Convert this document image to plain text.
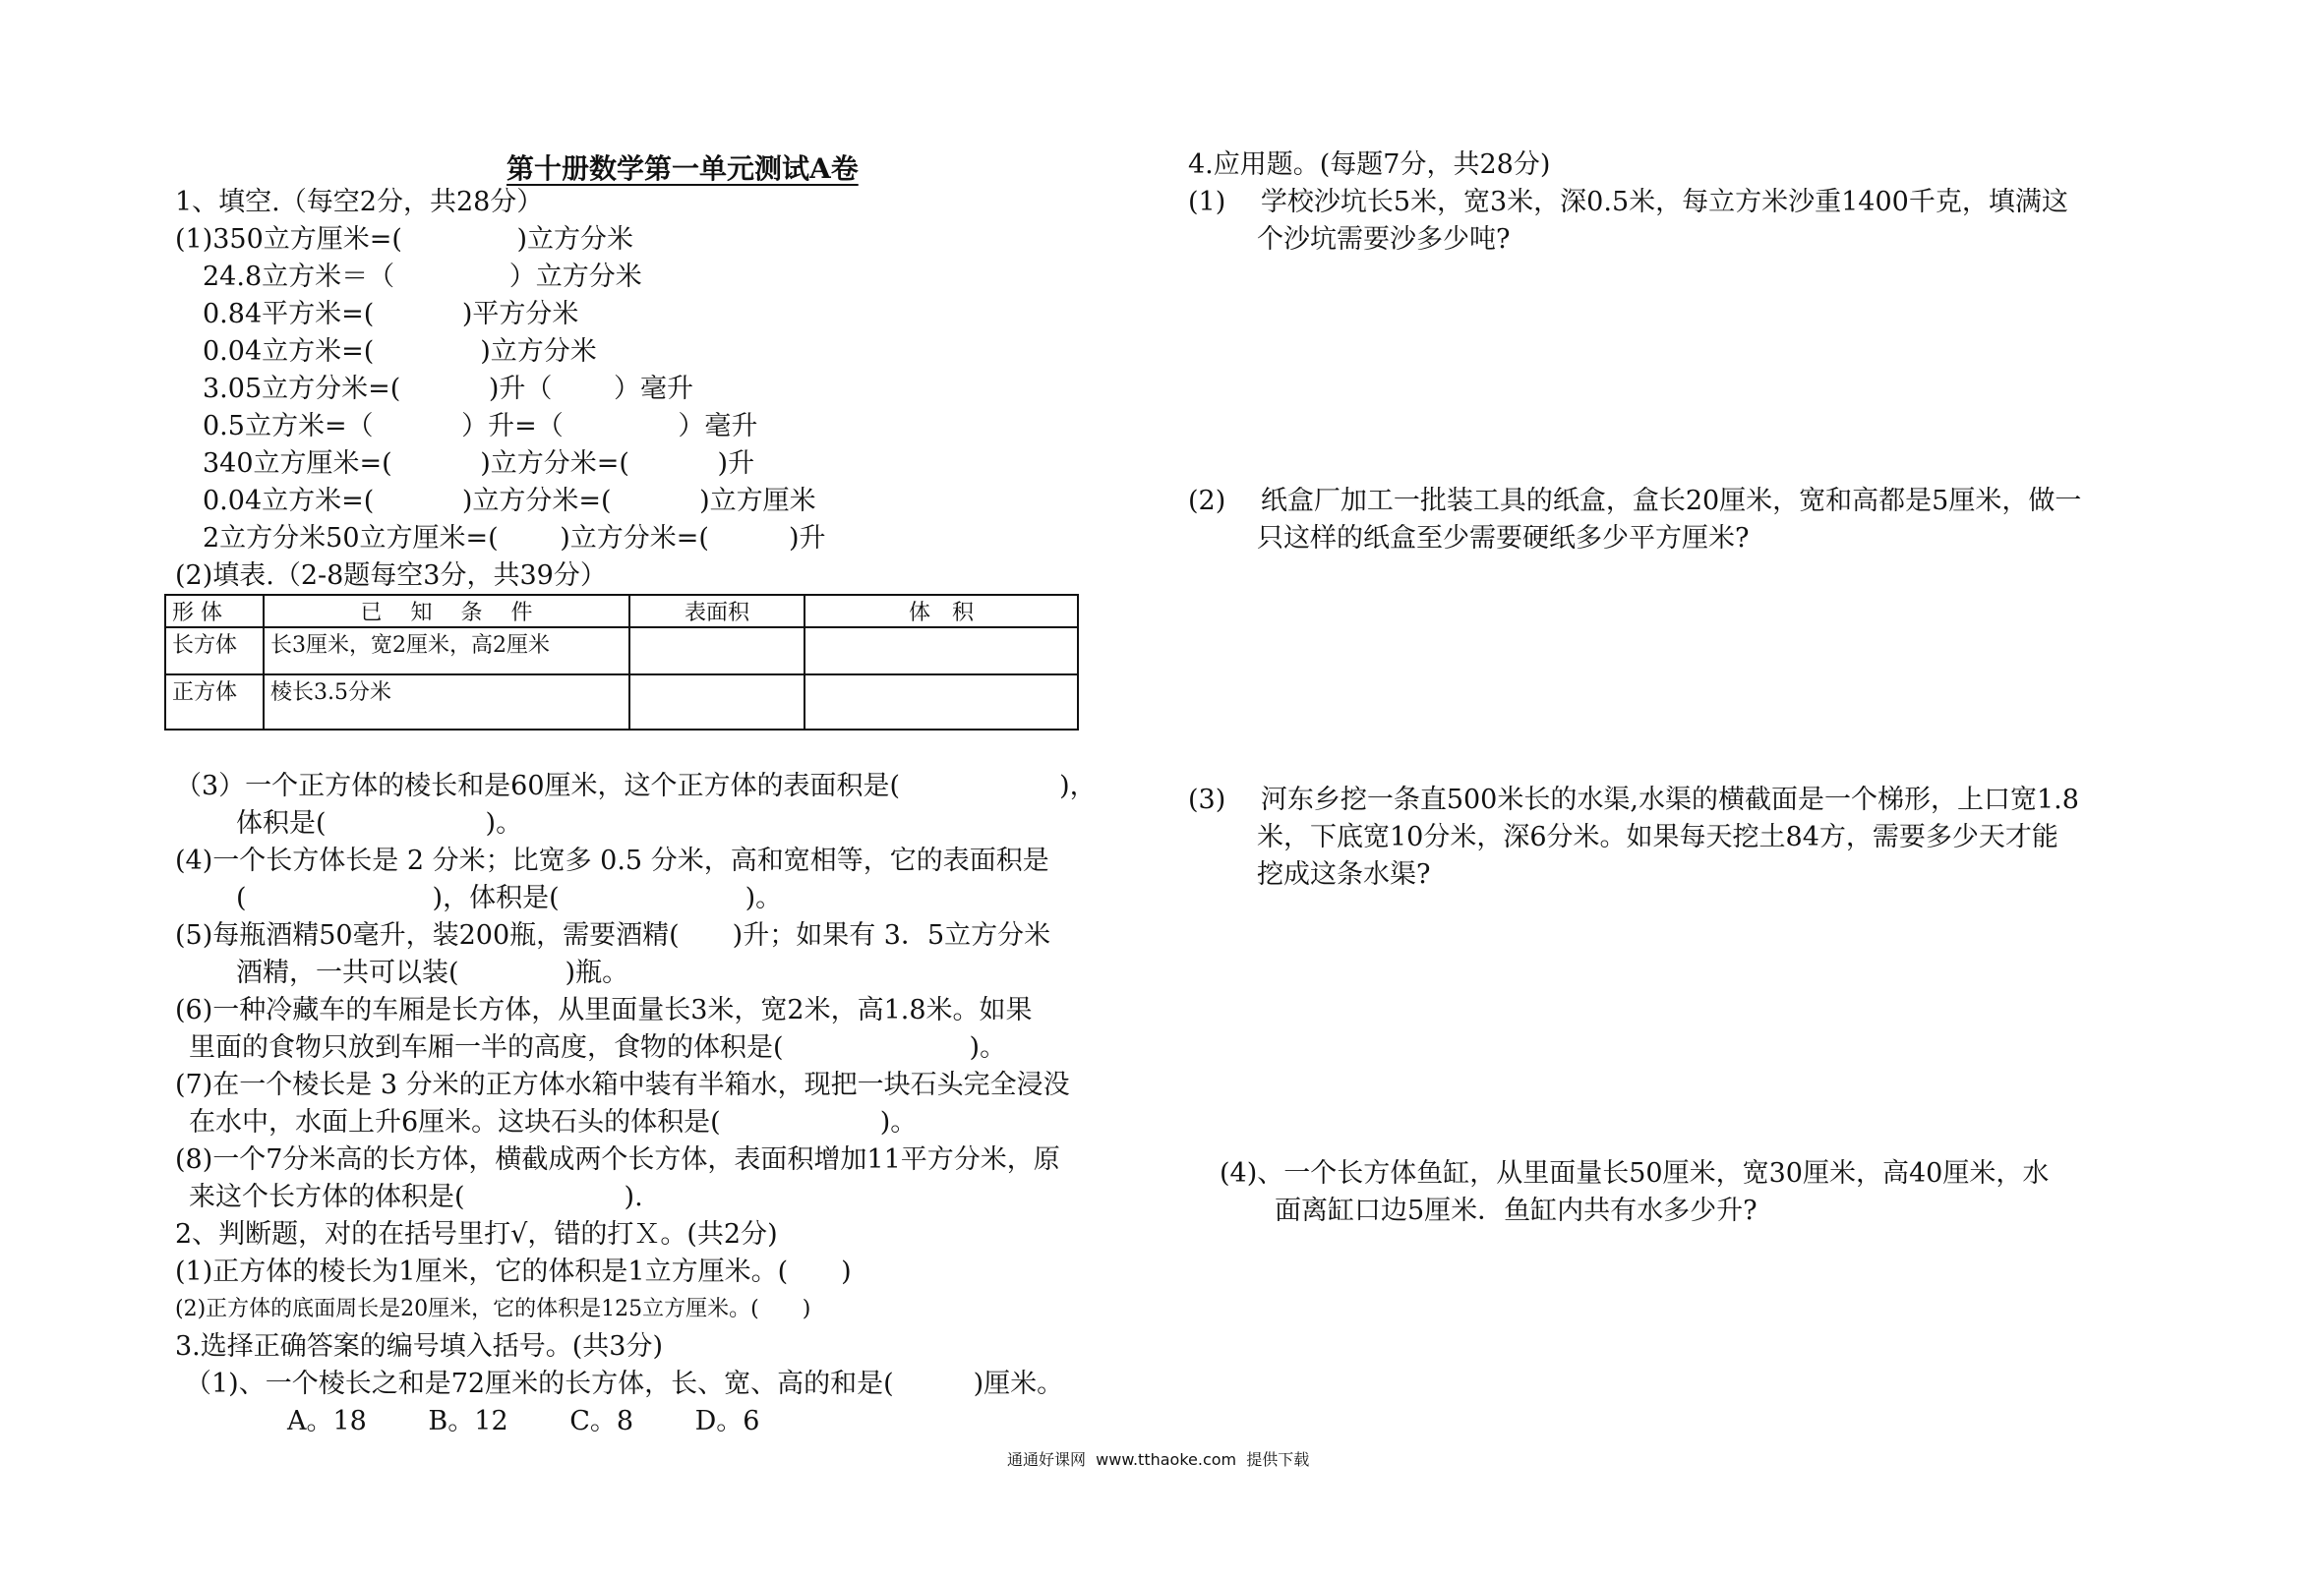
第十册数学第一单元测试A卷
1、填空.（每空2分，共28分）
(1)350立方厘米=(　　　　 )立方分米
24.8立方米＝（　　　　 ）立方分米
0.84平方米=(　　　 )平方分米
0.04立方米=(　　　　)立方分米
3.05立方分米=(　　　 )升（　　 ）毫升
0.5立方米=（　　　 ）升=（　　　　 ）毫升
340立方厘米=(　　　 )立方分米=(　　　 )升
0.04立方米=(　　　 )立方分米=(　　　 )立方厘米
2立方分米50立方厘米=(　　 )立方分米=(　　　)升
(2)填表.（2-8题每空3分，共39分）
形 体	已　 知　 条　 件	表面积	体　积
长方体	长3厘米，宽2厘米，高2厘米		
正方体	棱长3.5分米		
（3）一个正方体的棱长和是60厘米，这个正方体的表面积是(　　　　　　)，
体积是(　　　　　　)。
(4)一个长方体长是 2 分米；比宽多 0.5 分米，高和宽相等，它的表面积是
(　　　　　　　)，体积是(　　　　　　　)。
(5)每瓶酒精50毫升，装200瓶，需要酒精(　　)升；如果有 3．5立方分米
酒精，一共可以装(　　　　)瓶。
(6)一种冷藏车的车厢是长方体，从里面量长3米，宽2米，高1.8米。如果
里面的食物只放到车厢一半的高度，食物的体积是(　　　　　　　)。
(7)在一个棱长是 3 分米的正方体水箱中装有半箱水，现把一块石头完全浸没
在水中，水面上升6厘米。这块石头的体积是(　　　　　　)。
(8)一个7分米高的长方体，横截成两个长方体，表面积增加11平方分米，原
来这个长方体的体积是(　　　　　　).
2、判断题，对的在括号里打√，错的打Ｘ。(共2分)
(1)正方体的棱长为1厘米，它的体积是1立方厘米。(　　)
(2)正方体的底面周长是20厘米，它的体积是125立方厘米。(　　)
3.选择正确答案的编号填入括号。(共3分)
（1)、一个棱长之和是72厘米的长方体，长、宽、高的和是(　　　)厘米。
A。18　　 B。12　　 C。8　　 D。6
4.应用题。(每题7分，共28分)
(1)　 学校沙坑长5米，宽3米，深0.5米，每立方米沙重1400千克，填满这
个沙坑需要沙多少吨?
(2)　 纸盒厂加工一批装工具的纸盒，盒长20厘米，宽和高都是5厘米，做一
只这样的纸盒至少需要硬纸多少平方厘米?
(3)　 河东乡挖一条直500米长的水渠,水渠的横截面是一个梯形，上口宽1.8
米，下底宽10分米，深6分米。如果每天挖土84方，需要多少天才能
挖成这条水渠?
(4)、一个长方体鱼缸，从里面量长50厘米，宽30厘米，高40厘米，水
面离缸口边5厘米．鱼缸内共有水多少升?
通通好课网  www.tthaoke.com  提供下载
